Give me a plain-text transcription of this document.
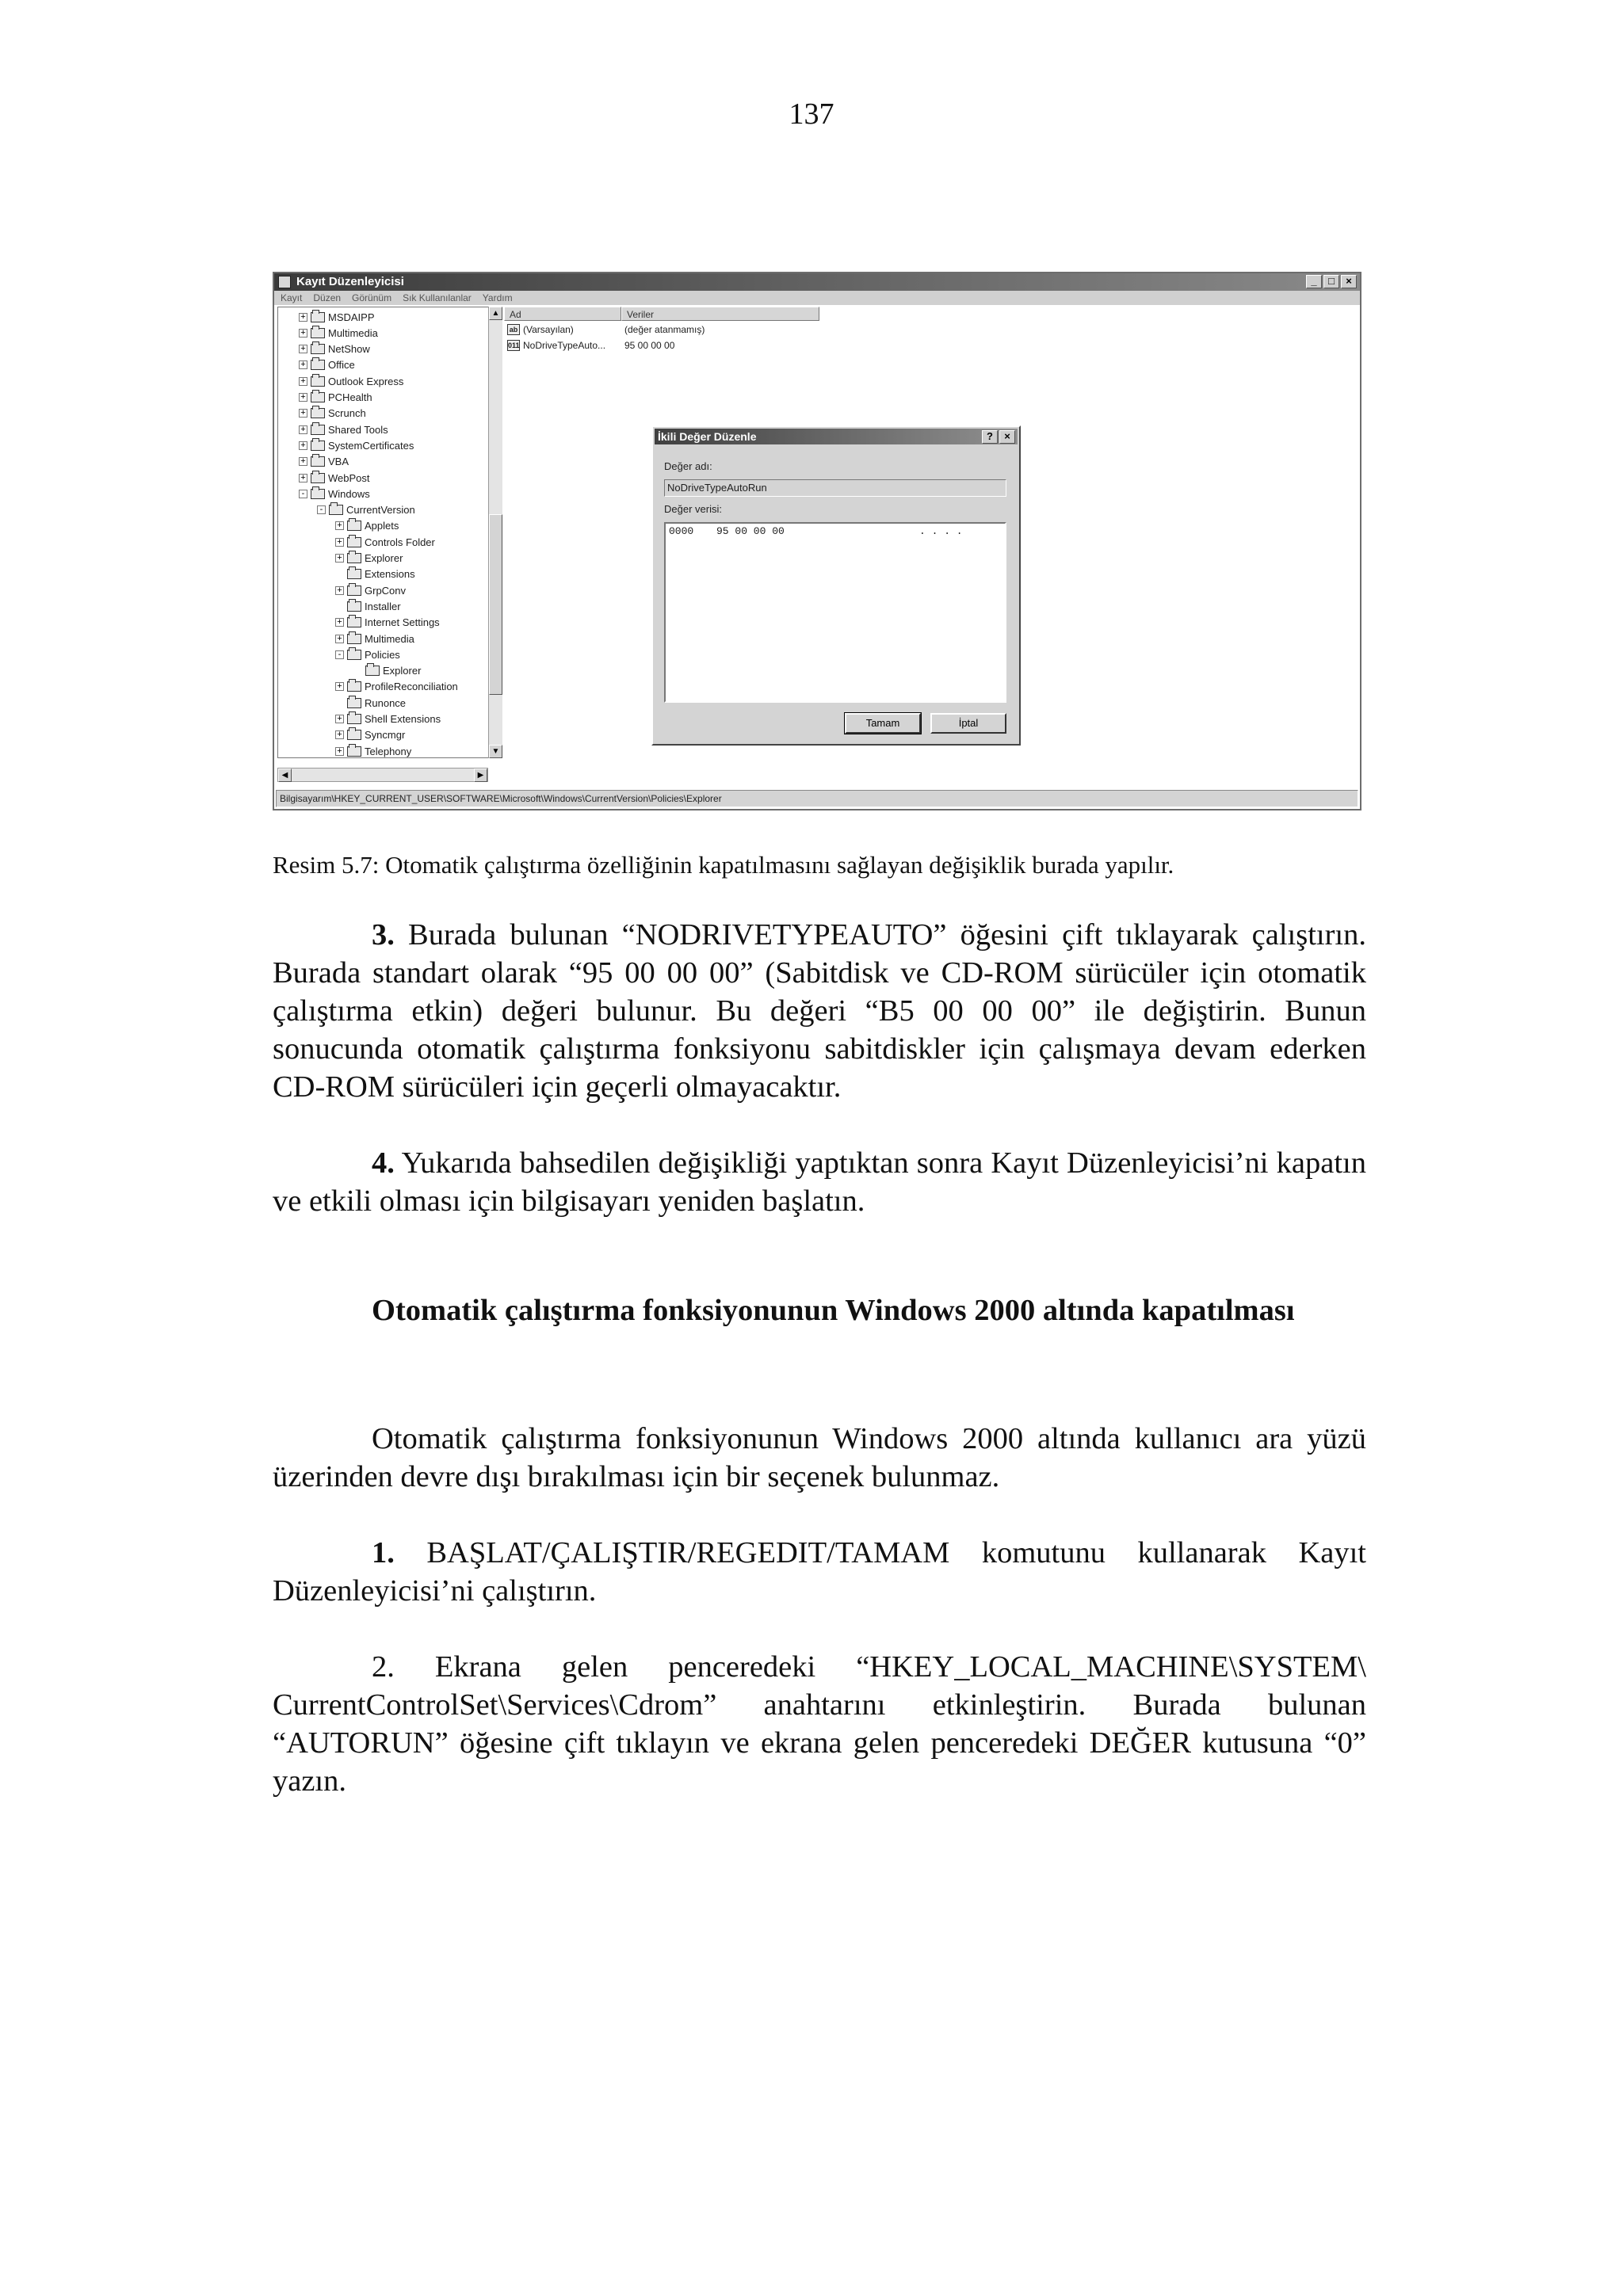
137
Kayıt Düzenleyicisi	_	□	×
Kayıt Düzen Görünüm Sık Kullanılanlar Yardım
+ MSDAIPP
+ Multimedia
+ NetShow
+ Office
+ Outlook Express
+ PCHealth
+ Scrunch
+ Shared Tools
+ SystemCertificates
+ VBA
+ WebPost
- Windows
- CurrentVersion
+ Applets
+ Controls Folder
+ Explorer
Extensions
+ GrpConv
Installer
+ Internet Settings
+ Multimedia
- Policies
Explorer
+ ProfileReconciliation
Runonce
+ Shell Extensions
+ Syncmgr
+ Telephony
▲
▼
◀	▶
Ad	Veriler
ab (Varsayılan)	(değer atanmamış)
011 NoDriveTypeAuto... 95 00 00 00
İkili Değer Düzenle	?	×
Değer adı:
NoDriveTypeAutoRun
Değer verisi:
0000 95 00 00 00	. . . .
Tamam	İptal
Bilgisayarım\HKEY_CURRENT_USER\SOFTWARE\Microsoft\Windows\CurrentVersion\Policies\Explorer
Resim 5.7: Otomatik çalıştırma özelliğinin kapatılmasını sağlayan değişiklik burada yapılır.

3. Burada bulunan “NODRIVETYPEAUTO” öğesini çift tıklayarak çalıştırın. Burada standart olarak “95 00 00 00” (Sabitdisk ve CD-ROM sürücüler için otomatik çalıştırma etkin) değeri bulunur. Bu değeri “B5 00 00 00” ile değiştirin. Bunun sonucunda otomatik çalıştırma fonksiyonu sabitdiskler için çalışmaya devam ederken CD-ROM sürücüleri için geçerli olmayacaktır.

4. Yukarıda bahsedilen değişikliği yaptıktan sonra Kayıt Düzenleyicisi’ni kapatın ve etkili olması için bilgisayarı yeniden başlatın.

Otomatik çalıştırma fonksiyonunun Windows 2000 altında kapatılması

Otomatik çalıştırma fonksiyonunun Windows 2000 altında kullanıcı ara yüzü üzerinden devre dışı bırakılması için bir seçenek bulunmaz.

1. BAŞLAT/ÇALIŞTIR/REGEDIT/TAMAM komutunu kullanarak Kayıt Düzenleyicisi’ni çalıştırın.

2. Ekrana gelen penceredeki “HKEY_LOCAL_MACHINE\SYSTEM\ CurrentControlSet\Services\Cdrom” anahtarını etkinleştirin. Burada bulunan “AUTORUN” öğesine çift tıklayın ve ekrana gelen penceredeki DEĞER kutusuna “0” yazın.
